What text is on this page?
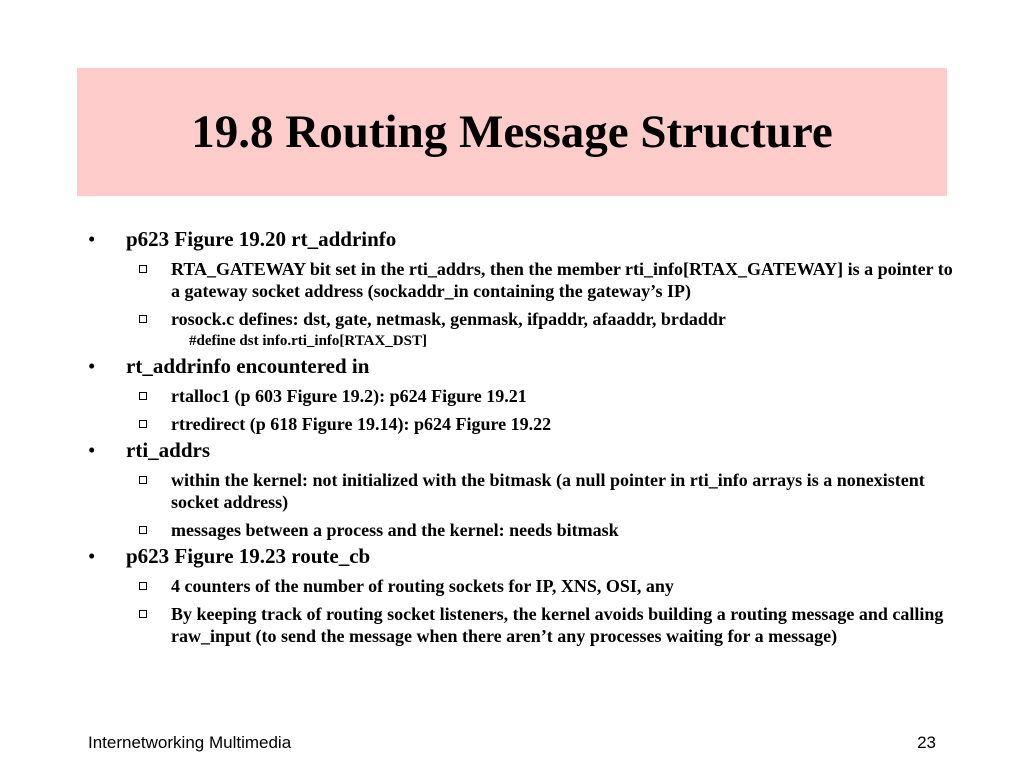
19.8 Routing Message Structure
• p623 Figure 19.20 rt_addrinfo
RTA_GATEWAY bit set in the rti_addrs, then the member rti_info[RTAX_GATEWAY] is a pointer to a gateway socket address (sockaddr_in containing the gateway’s IP)
rosock.c defines: dst, gate, netmask, genmask, ifpaddr, afaaddr, brdaddr
#define dst info.rti_info[RTAX_DST]
• rt_addrinfo encountered in
rtalloc1 (p 603 Figure 19.2): p624 Figure 19.21
rtredirect (p 618 Figure 19.14): p624 Figure 19.22
• rti_addrs
within the kernel: not initialized with the bitmask (a null pointer in rti_info arrays is a nonexistent socket address)
messages between a process and the kernel: needs bitmask
• p623 Figure 19.23 route_cb
4 counters of the number of routing sockets for IP, XNS, OSI, any
By keeping track of routing socket listeners, the kernel avoids building a routing message and calling raw_input (to send the message when there aren’t any processes waiting for a message)
Internetworking Multimedia	23
